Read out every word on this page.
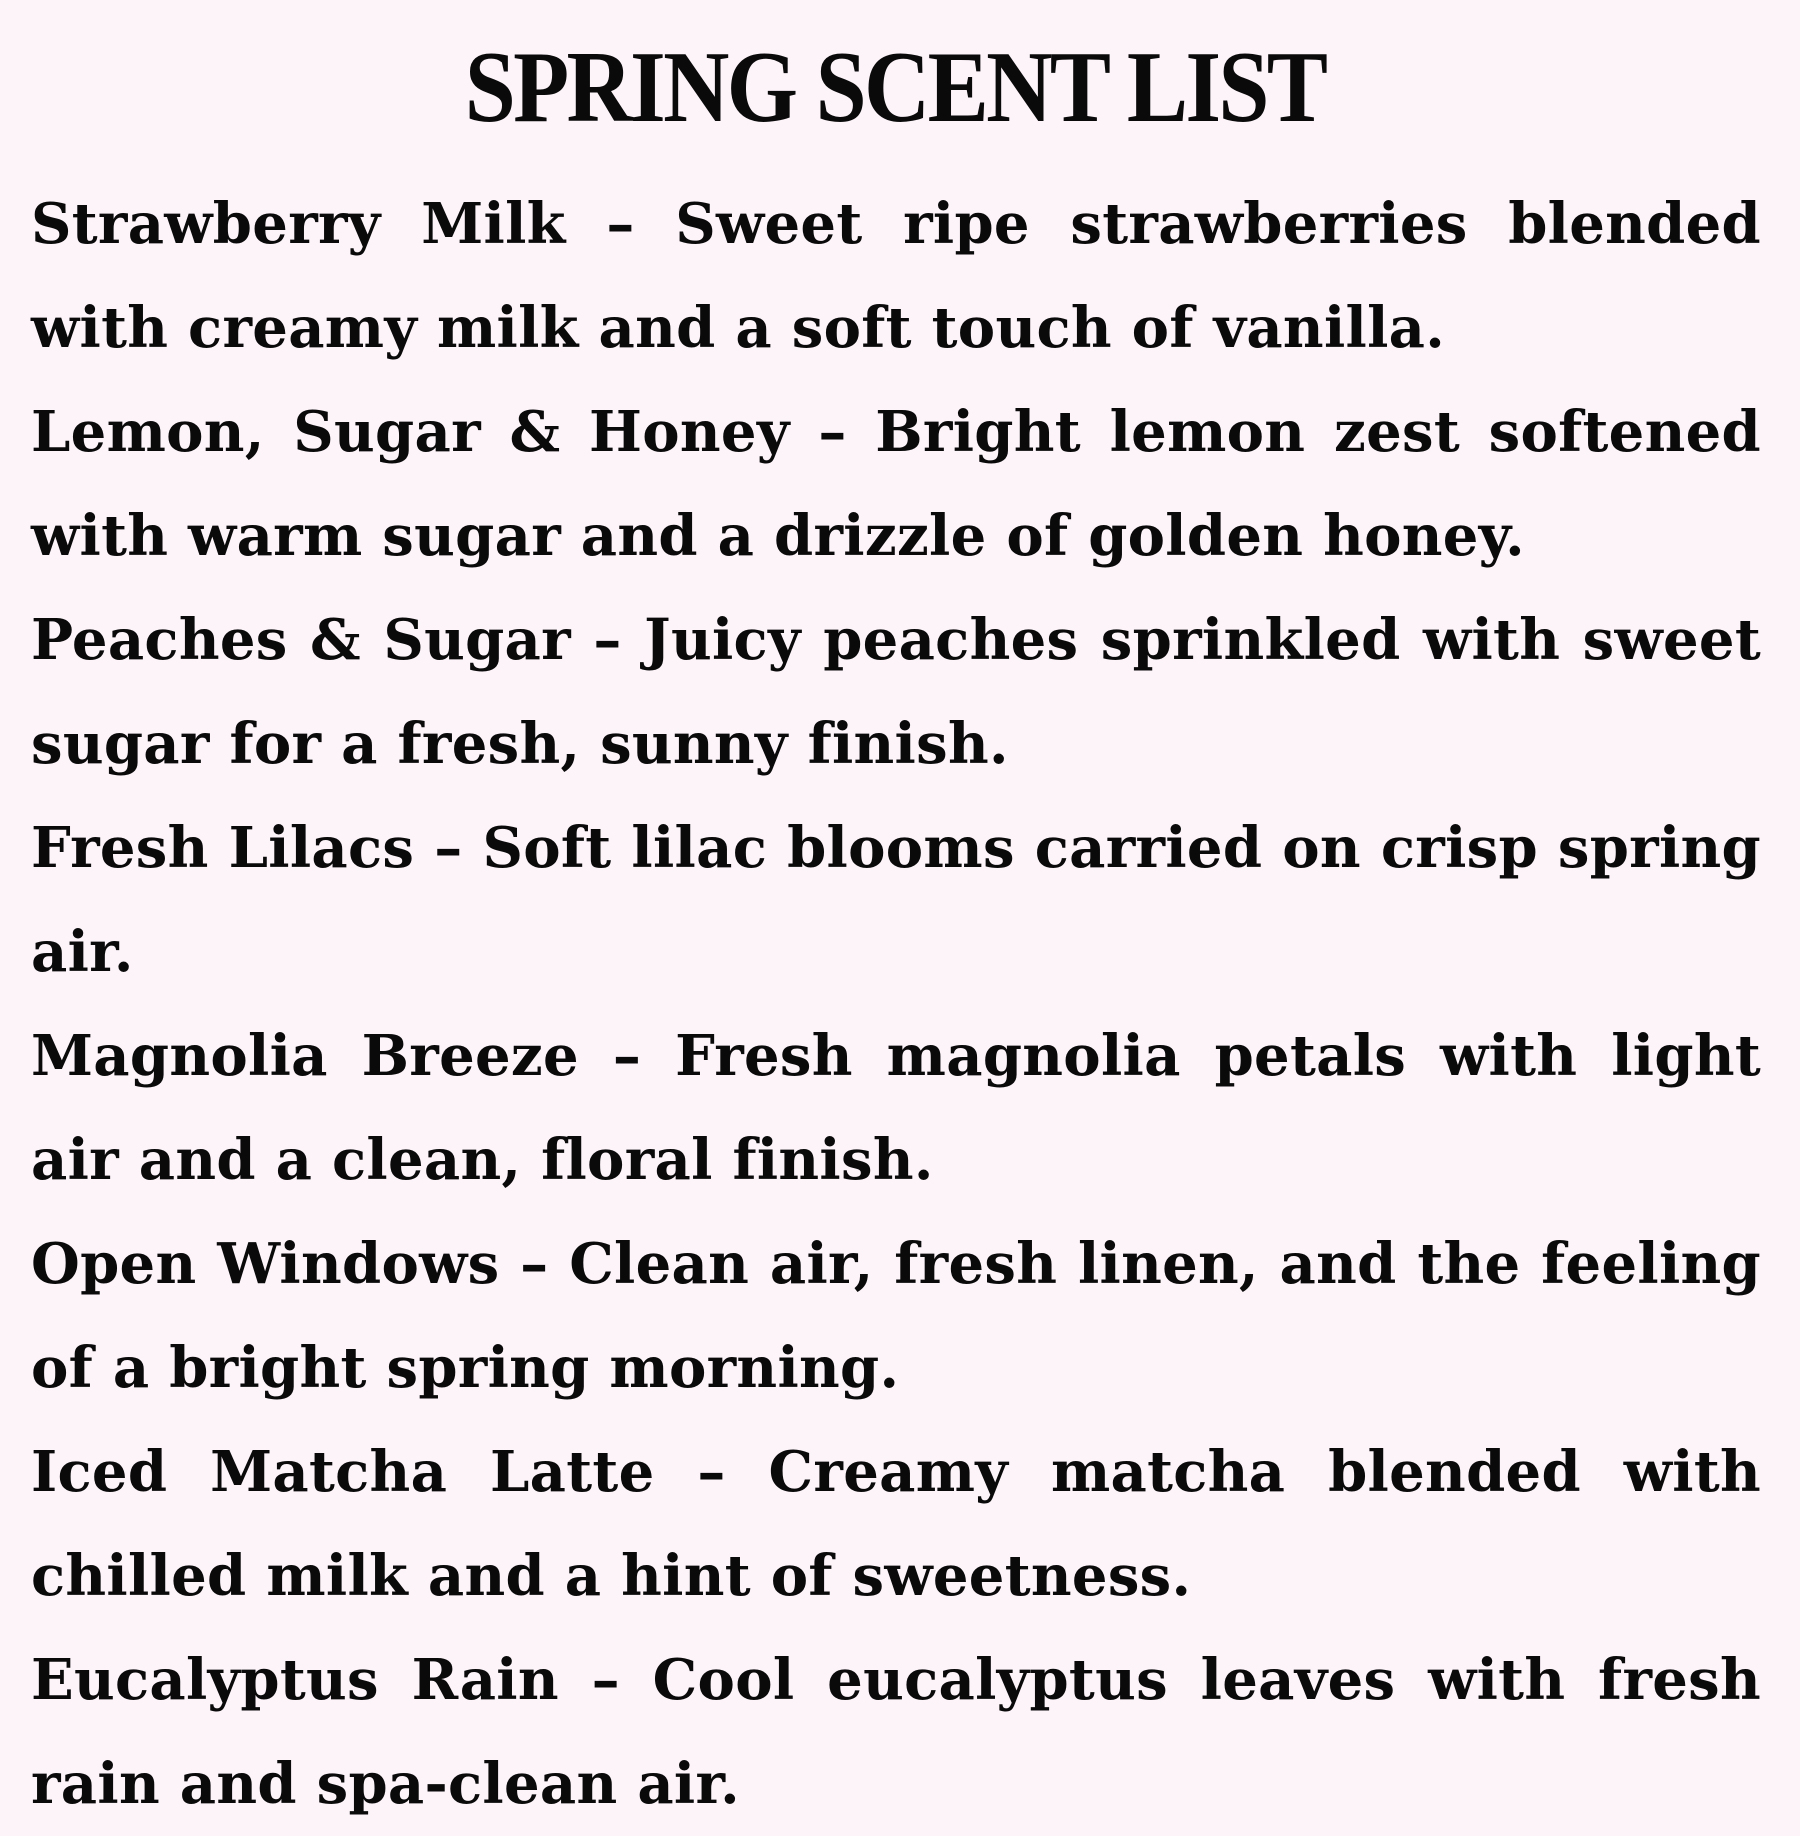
SPRING SCENT LIST
Strawberry Milk – Sweet ripe strawberries blended with creamy milk and a soft touch of vanilla.
Lemon, Sugar & Honey – Bright lemon zest softened with warm sugar and a drizzle of golden honey.
Peaches & Sugar – Juicy peaches sprinkled with sweet sugar for a fresh, sunny finish.
Fresh Lilacs – Soft lilac blooms carried on crisp spring air.
Magnolia Breeze – Fresh magnolia petals with light air and a clean, floral finish.
Open Windows – Clean air, fresh linen, and the feeling of a bright spring morning.
Iced Matcha Latte – Creamy matcha blended with chilled milk and a hint of sweetness.
Eucalyptus Rain – Cool eucalyptus leaves with fresh rain and spa-clean air.
